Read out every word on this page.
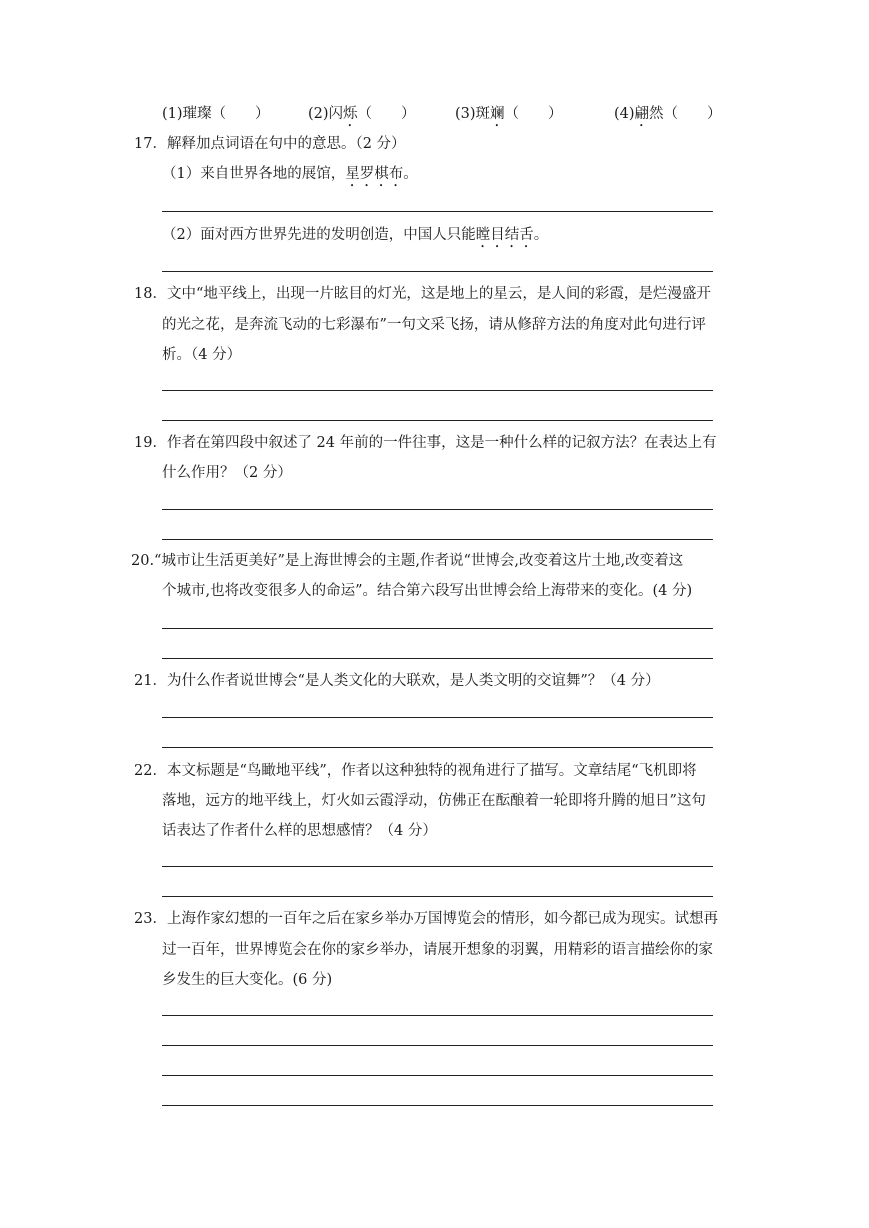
(1)璀璨（　　）	(2)闪烁（　　）	(3)斑斓（　　）	(4)翩然（　　）
17．解释加点词语在句中的意思。（2 分）
（1）来自世界各地的展馆，星罗棋布。
（2）面对西方世界先进的发明创造，中国人只能瞠目结舌。
18．文中“地平线上，出现一片眩目的灯光，这是地上的星云，是人间的彩霞，是烂漫盛开
的光之花，是奔流飞动的七彩瀑布”一句文采飞扬，请从修辞方法的角度对此句进行评
析。（4 分）
19．作者在第四段中叙述了 24 年前的一件往事，这是一种什么样的记叙方法？在表达上有
什么作用？（2 分）
20.“城市让生活更美好”是上海世博会的主题,作者说“世博会,改变着这片土地,改变着这
个城市,也将改变很多人的命运”。结合第六段写出世博会给上海带来的变化。(4 分)
21．为什么作者说世博会“是人类文化的大联欢，是人类文明的交谊舞”？（4 分）
22．本文标题是“鸟瞰地平线”，作者以这种独特的视角进行了描写。文章结尾“飞机即将
落地，远方的地平线上，灯火如云霞浮动，仿佛正在酝酿着一轮即将升腾的旭日”这句
话表达了作者什么样的思想感情？（4 分）
23．上海作家幻想的一百年之后在家乡举办万国博览会的情形，如今都已成为现实。试想再
过一百年，世界博览会在你的家乡举办，请展开想象的羽翼，用精彩的语言描绘你的家
乡发生的巨大变化。(6 分)
